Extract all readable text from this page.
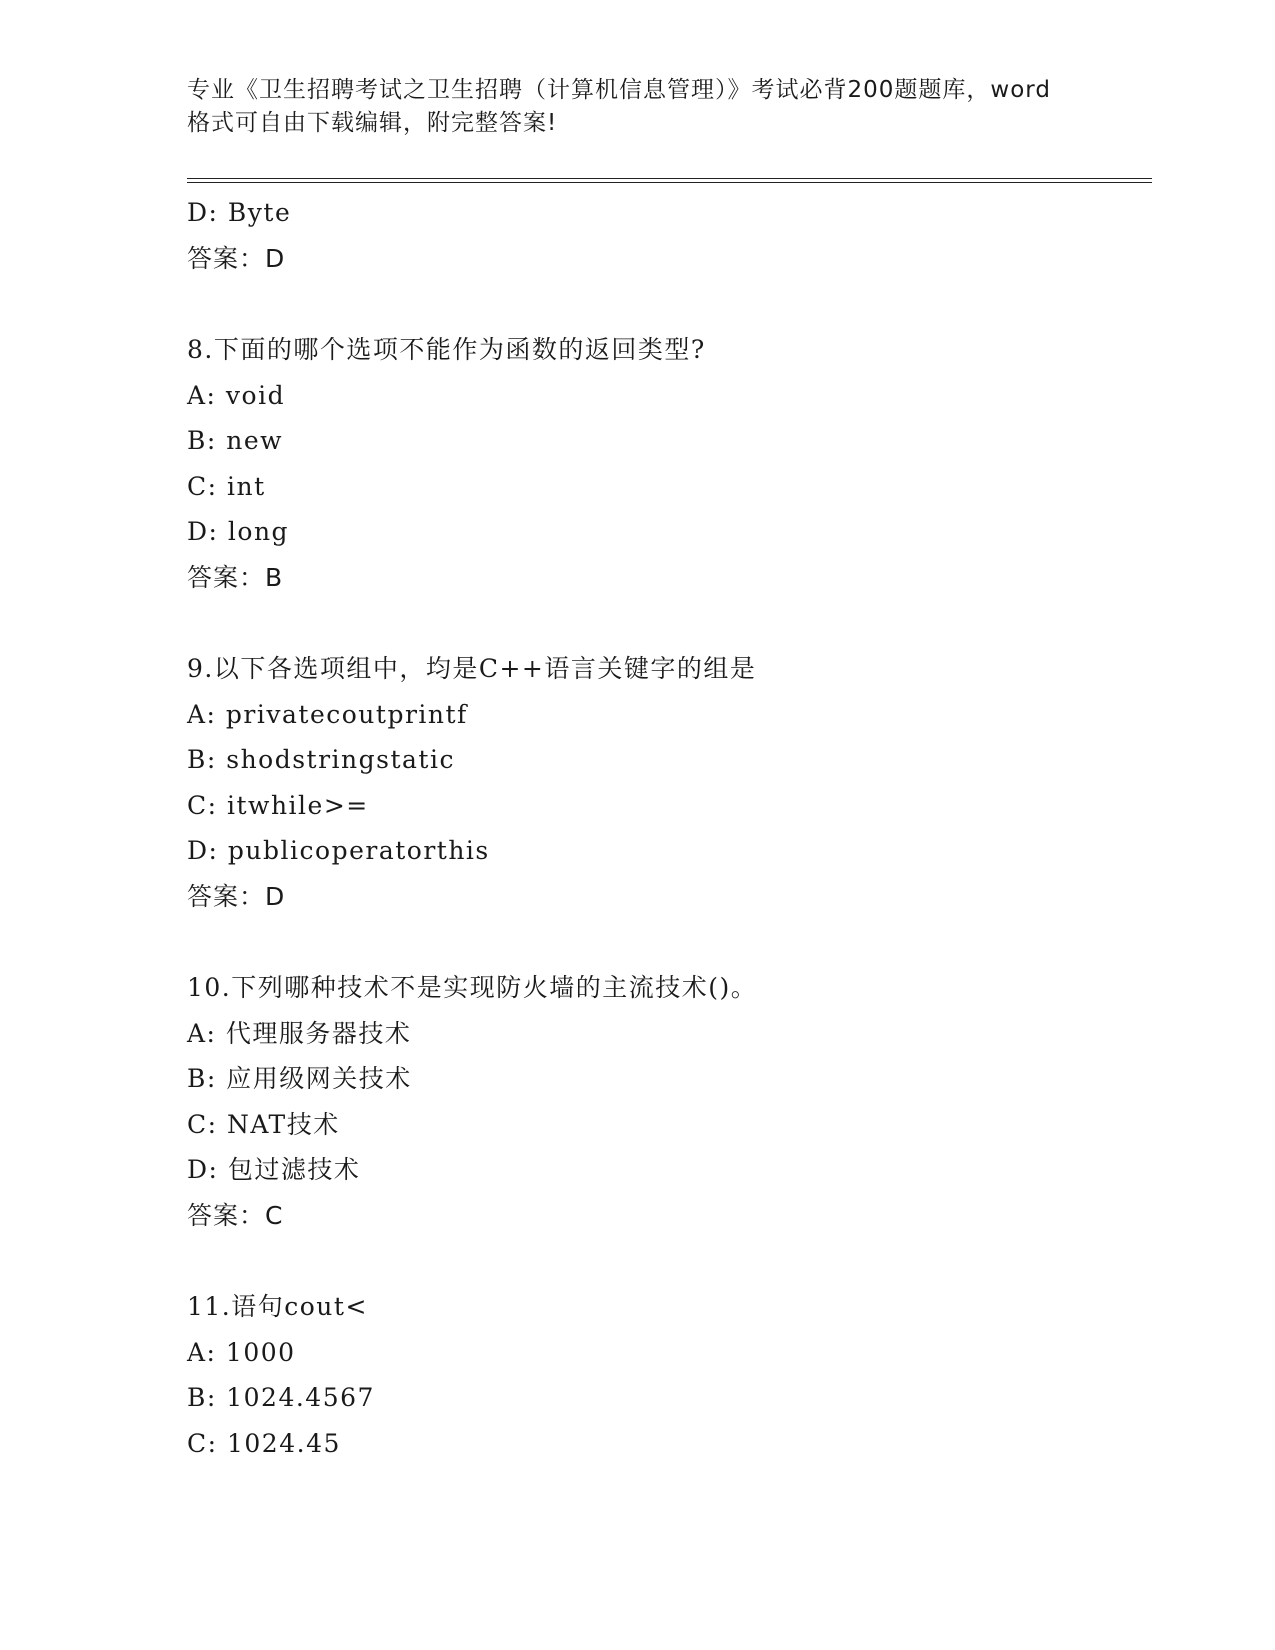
专业《卫生招聘考试之卫生招聘（计算机信息管理）》考试必背200题题库，word
格式可自由下载编辑，附完整答案!
D: Byte
答案：D
8.下面的哪个选项不能作为函数的返回类型?
A: void
B: new
C: int
D: long
答案：B
9.以下各选项组中，均是C++语言关键字的组是
A: privatecoutprintf
B: shodstringstatic
C: itwhile>=
D: publicoperatorthis
答案：D
10.下列哪种技术不是实现防火墙的主流技术()。
A: 代理服务器技术
B: 应用级网关技术
C: NAT技术
D: 包过滤技术
答案：C
11.语句cout<
A: 1000
B: 1024.4567
C: 1024.45
